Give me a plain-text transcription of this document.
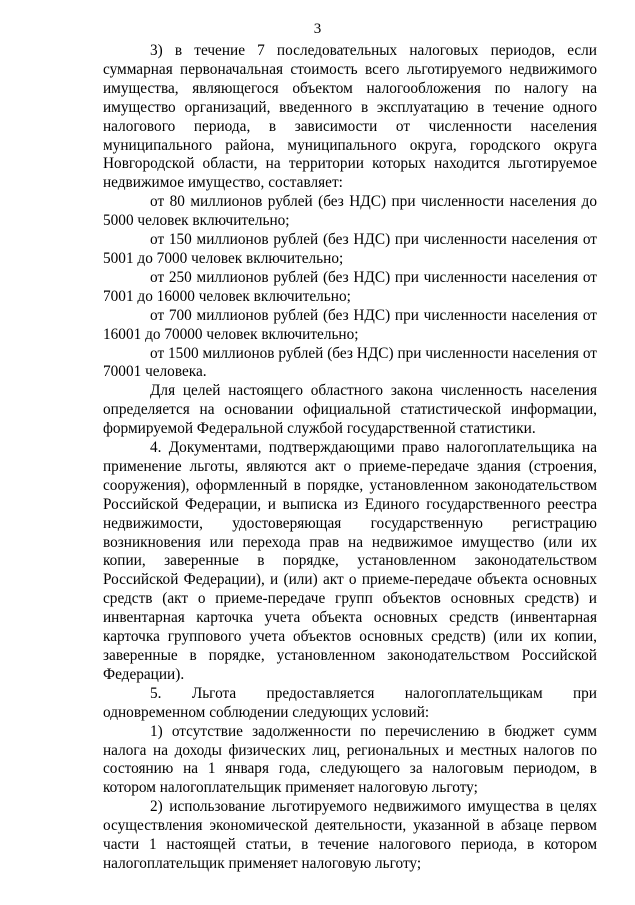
3

3) в течение 7 последовательных налоговых периодов, если суммарная первоначальная стоимость всего льготируемого недвижимого имущества, являющегося объектом налогообложения по налогу на имущество организаций, введенного в эксплуатацию в течение одного налогового периода, в зависимости от численности населения муниципального района, муниципального округа, городского округа Новгородской области, на территории которых находится льготируемое недвижимое имущество, составляет:

от 80 миллионов рублей (без НДС) при численности населения до 5000 человек включительно;

от 150 миллионов рублей (без НДС) при численности населения от 5001 до 7000 человек включительно;

от 250 миллионов рублей (без НДС) при численности населения от 7001 до 16000 человек включительно;

от 700 миллионов рублей (без НДС) при численности населения от 16001 до 70000 человек включительно;

от 1500 миллионов рублей (без НДС) при численности населения от 70001 человека.

Для целей настоящего областного закона численность населения определяется на основании официальной статистической информации, формируемой Федеральной службой государственной статистики.

4. Документами, подтверждающими право налогоплательщика на применение льготы, являются акт о приеме-передаче здания (строения, сооружения), оформленный в порядке, установленном законодательством Российской Федерации, и выписка из Единого государственного реестра недвижимости, удостоверяющая государственную регистрацию возникновения или перехода прав на недвижимое имущество (или их копии, заверенные в порядке, установленном законодательством Российской Федерации), и (или) акт о приеме-передаче объекта основных средств (акт о приеме-передаче групп объектов основных средств) и инвентарная карточка учета объекта основных средств (инвентарная карточка группового учета объектов основных средств) (или их копии, заверенные в порядке, установленном законодательством Российской Федерации).

5. Льгота предоставляется налогоплательщикам при одновременном соблюдении следующих условий:

1) отсутствие задолженности по перечислению в бюджет сумм налога на доходы физических лиц, региональных и местных налогов по состоянию на 1 января года, следующего за налоговым периодом, в котором налогоплательщик применяет налоговую льготу;

2) использование льготируемого недвижимого имущества в целях осуществления экономической деятельности, указанной в абзаце первом части 1 настоящей статьи, в течение налогового периода, в котором налогоплательщик применяет налоговую льготу;
